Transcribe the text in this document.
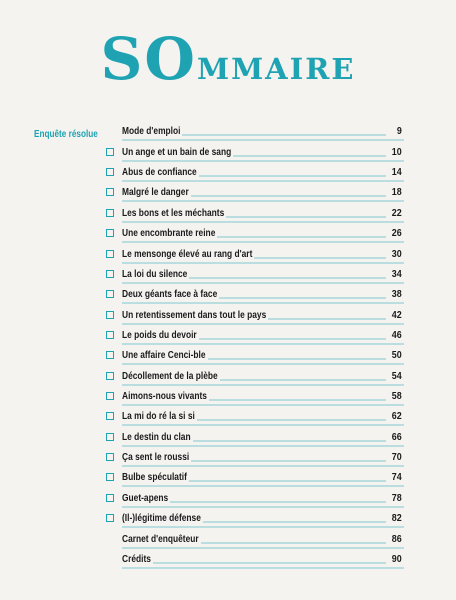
SOmmaire
Enquête résolue Mode d'emploi	9
Un ange et un bain de sang	10
Abus de confiance	14
Malgré le danger	18
Les bons et les méchants	22
Une encombrante reine	26
Le mensonge élevé au rang d'art	30
La loi du silence	34
Deux géants face à face	38
Un retentissement dans tout le pays	42
Le poids du devoir	46
Une affaire Cenci-ble	50
Décollement de la plèbe	54
Aimons-nous vivants	58
La mi do ré la si si	62
Le destin du clan	66
Ça sent le roussi	70
Bulbe spéculatif	74
Guet-apens	78
(Il-)légitime défense	82
Carnet d'enquêteur	86
Crédits	90
